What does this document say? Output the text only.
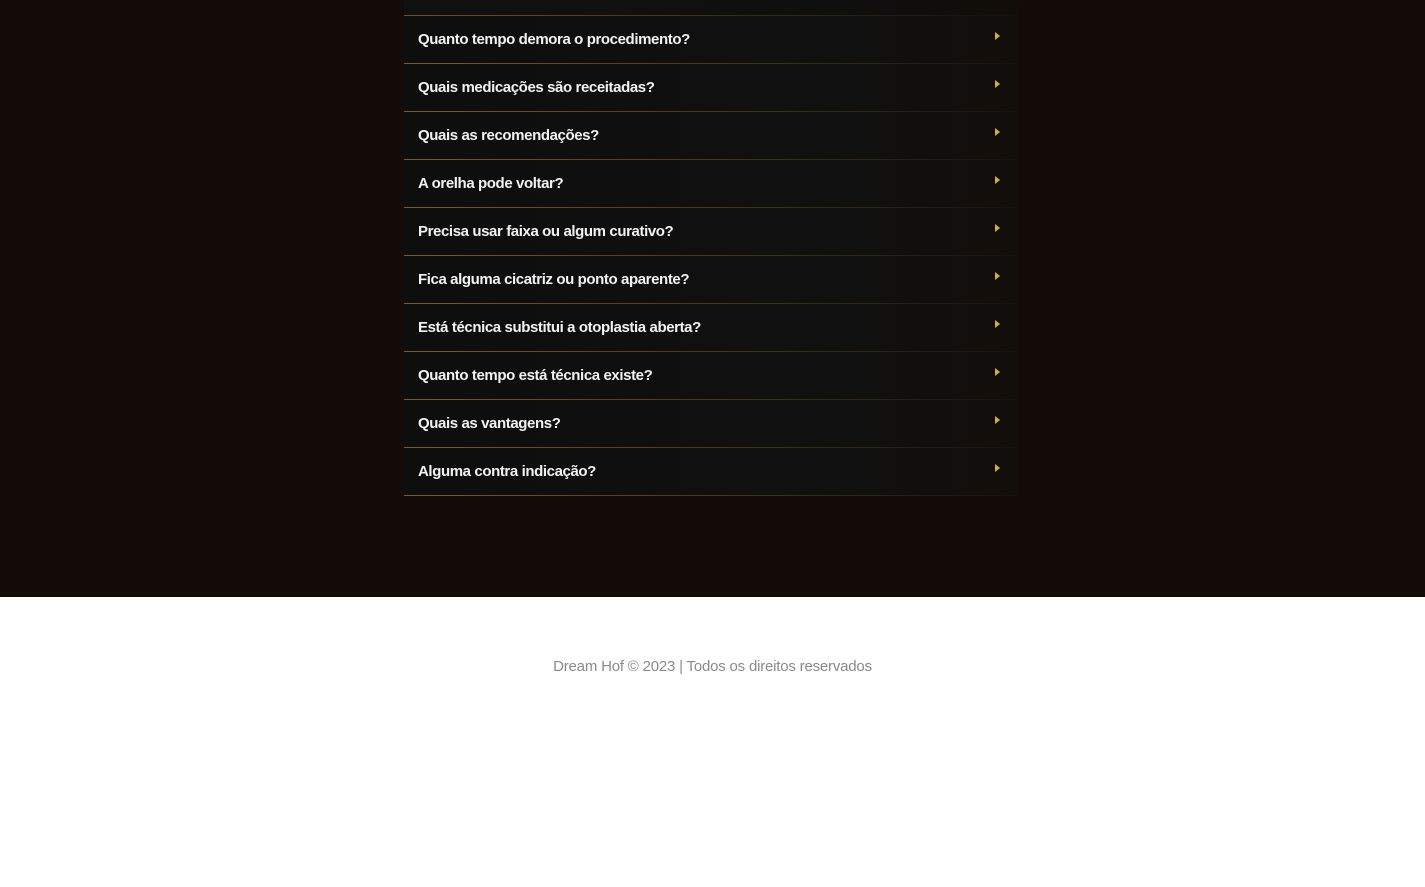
Quanto tempo demora o procedimento?
Quais medicações são receitadas?
Quais as recomendações?
A orelha pode voltar?
Precisa usar faixa ou algum curativo?
Fica alguma cicatriz ou ponto aparente?
Está técnica substitui a otoplastia aberta?
Quanto tempo está técnica existe?
Quais as vantagens?
Alguma contra indicação?
Dream Hof © 2023 | Todos os direitos reservados
